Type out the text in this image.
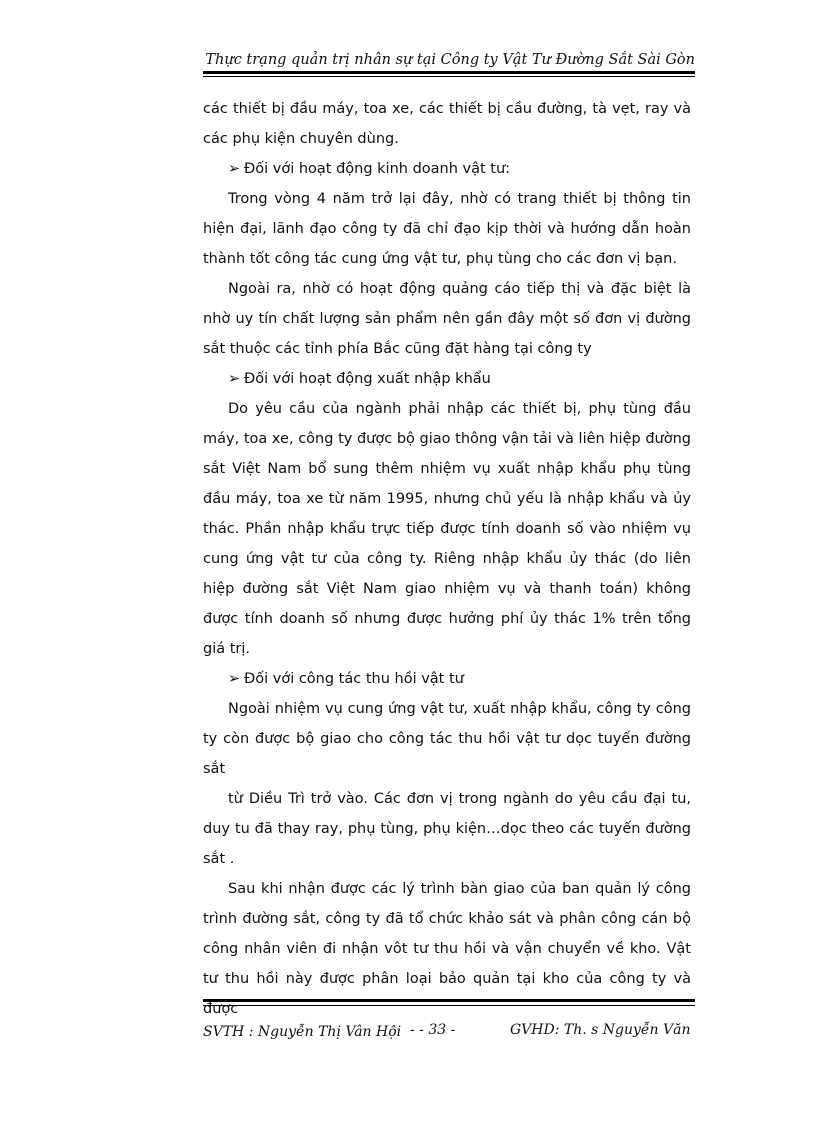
Thực trạng quản trị nhân sự tại Công ty Vật Tư Đường Sắt Sài Gòn

các thiết bị đầu máy, toa xe, các thiết bị cầu đường, tà vẹt, ray và các phụ kiện chuyên dùng.

➢ Đối với hoạt động kinh doanh vật tư:

Trong vòng 4 năm trở lại đây, nhờ có trang thiết bị thông tin hiện đại, lãnh đạo công ty đã chỉ đạo kịp thời và hướng dẫn hoàn thành tốt công tác cung ứng vật tư, phụ tùng cho các đơn vị bạn.

Ngoài ra, nhờ có hoạt động quảng cáo tiếp thị và đặc biệt là nhờ uy tín chất lượng sản phẩm nên gần đây một số đơn vị đường sắt thuộc các tỉnh phía Bắc cũng đặt hàng tại công ty

➢ Đối với hoạt động xuất nhập khẩu

Do yêu cầu của ngành phải nhập các thiết bị, phụ tùng đầu máy, toa xe, công ty được bộ giao thông vận tải và liên hiệp đường sắt Việt Nam bổ sung thêm nhiệm vụ xuất nhập khẩu phụ tùng đầu máy, toa xe từ năm 1995, nhưng chủ yếu là nhập khẩu và ủy thác. Phần nhập khẩu trực tiếp được tính doanh số vào nhiệm vụ cung ứng vật tư của công ty. Riêng nhập khẩu ủy thác (do liên hiệp đường sắt Việt Nam giao nhiệm vụ và thanh toán) không được tính doanh số nhưng được hưởng phí ủy thác 1% trên tổng giá trị.

➢ Đối với công tác thu hồi vật tư

Ngoài nhiệm vụ cung ứng vật tư, xuất nhập khẩu, công ty công ty còn được bộ giao cho công tác thu hồi vật tư dọc tuyến đường sắt

từ Diều Trì trở vào. Các đơn vị trong ngành do yêu cầu đại tu, duy tu đã thay ray, phụ tùng, phụ kiện…dọc theo các tuyến đường sắt .

Sau khi nhận được các lý trình bàn giao của ban quản lý công trình đường sắt, công ty đã tổ chức khảo sát và phân công cán bộ công nhân viên đi nhận vôt tư thu hồi và vận chuyển về kho. Vật tư thu hồi này được phân loại bảo quản tại kho của công ty và được

SVTH : Nguyễn Thị Vân Hội - - 33 -	GVHD: Th. s Nguyễn Văn
